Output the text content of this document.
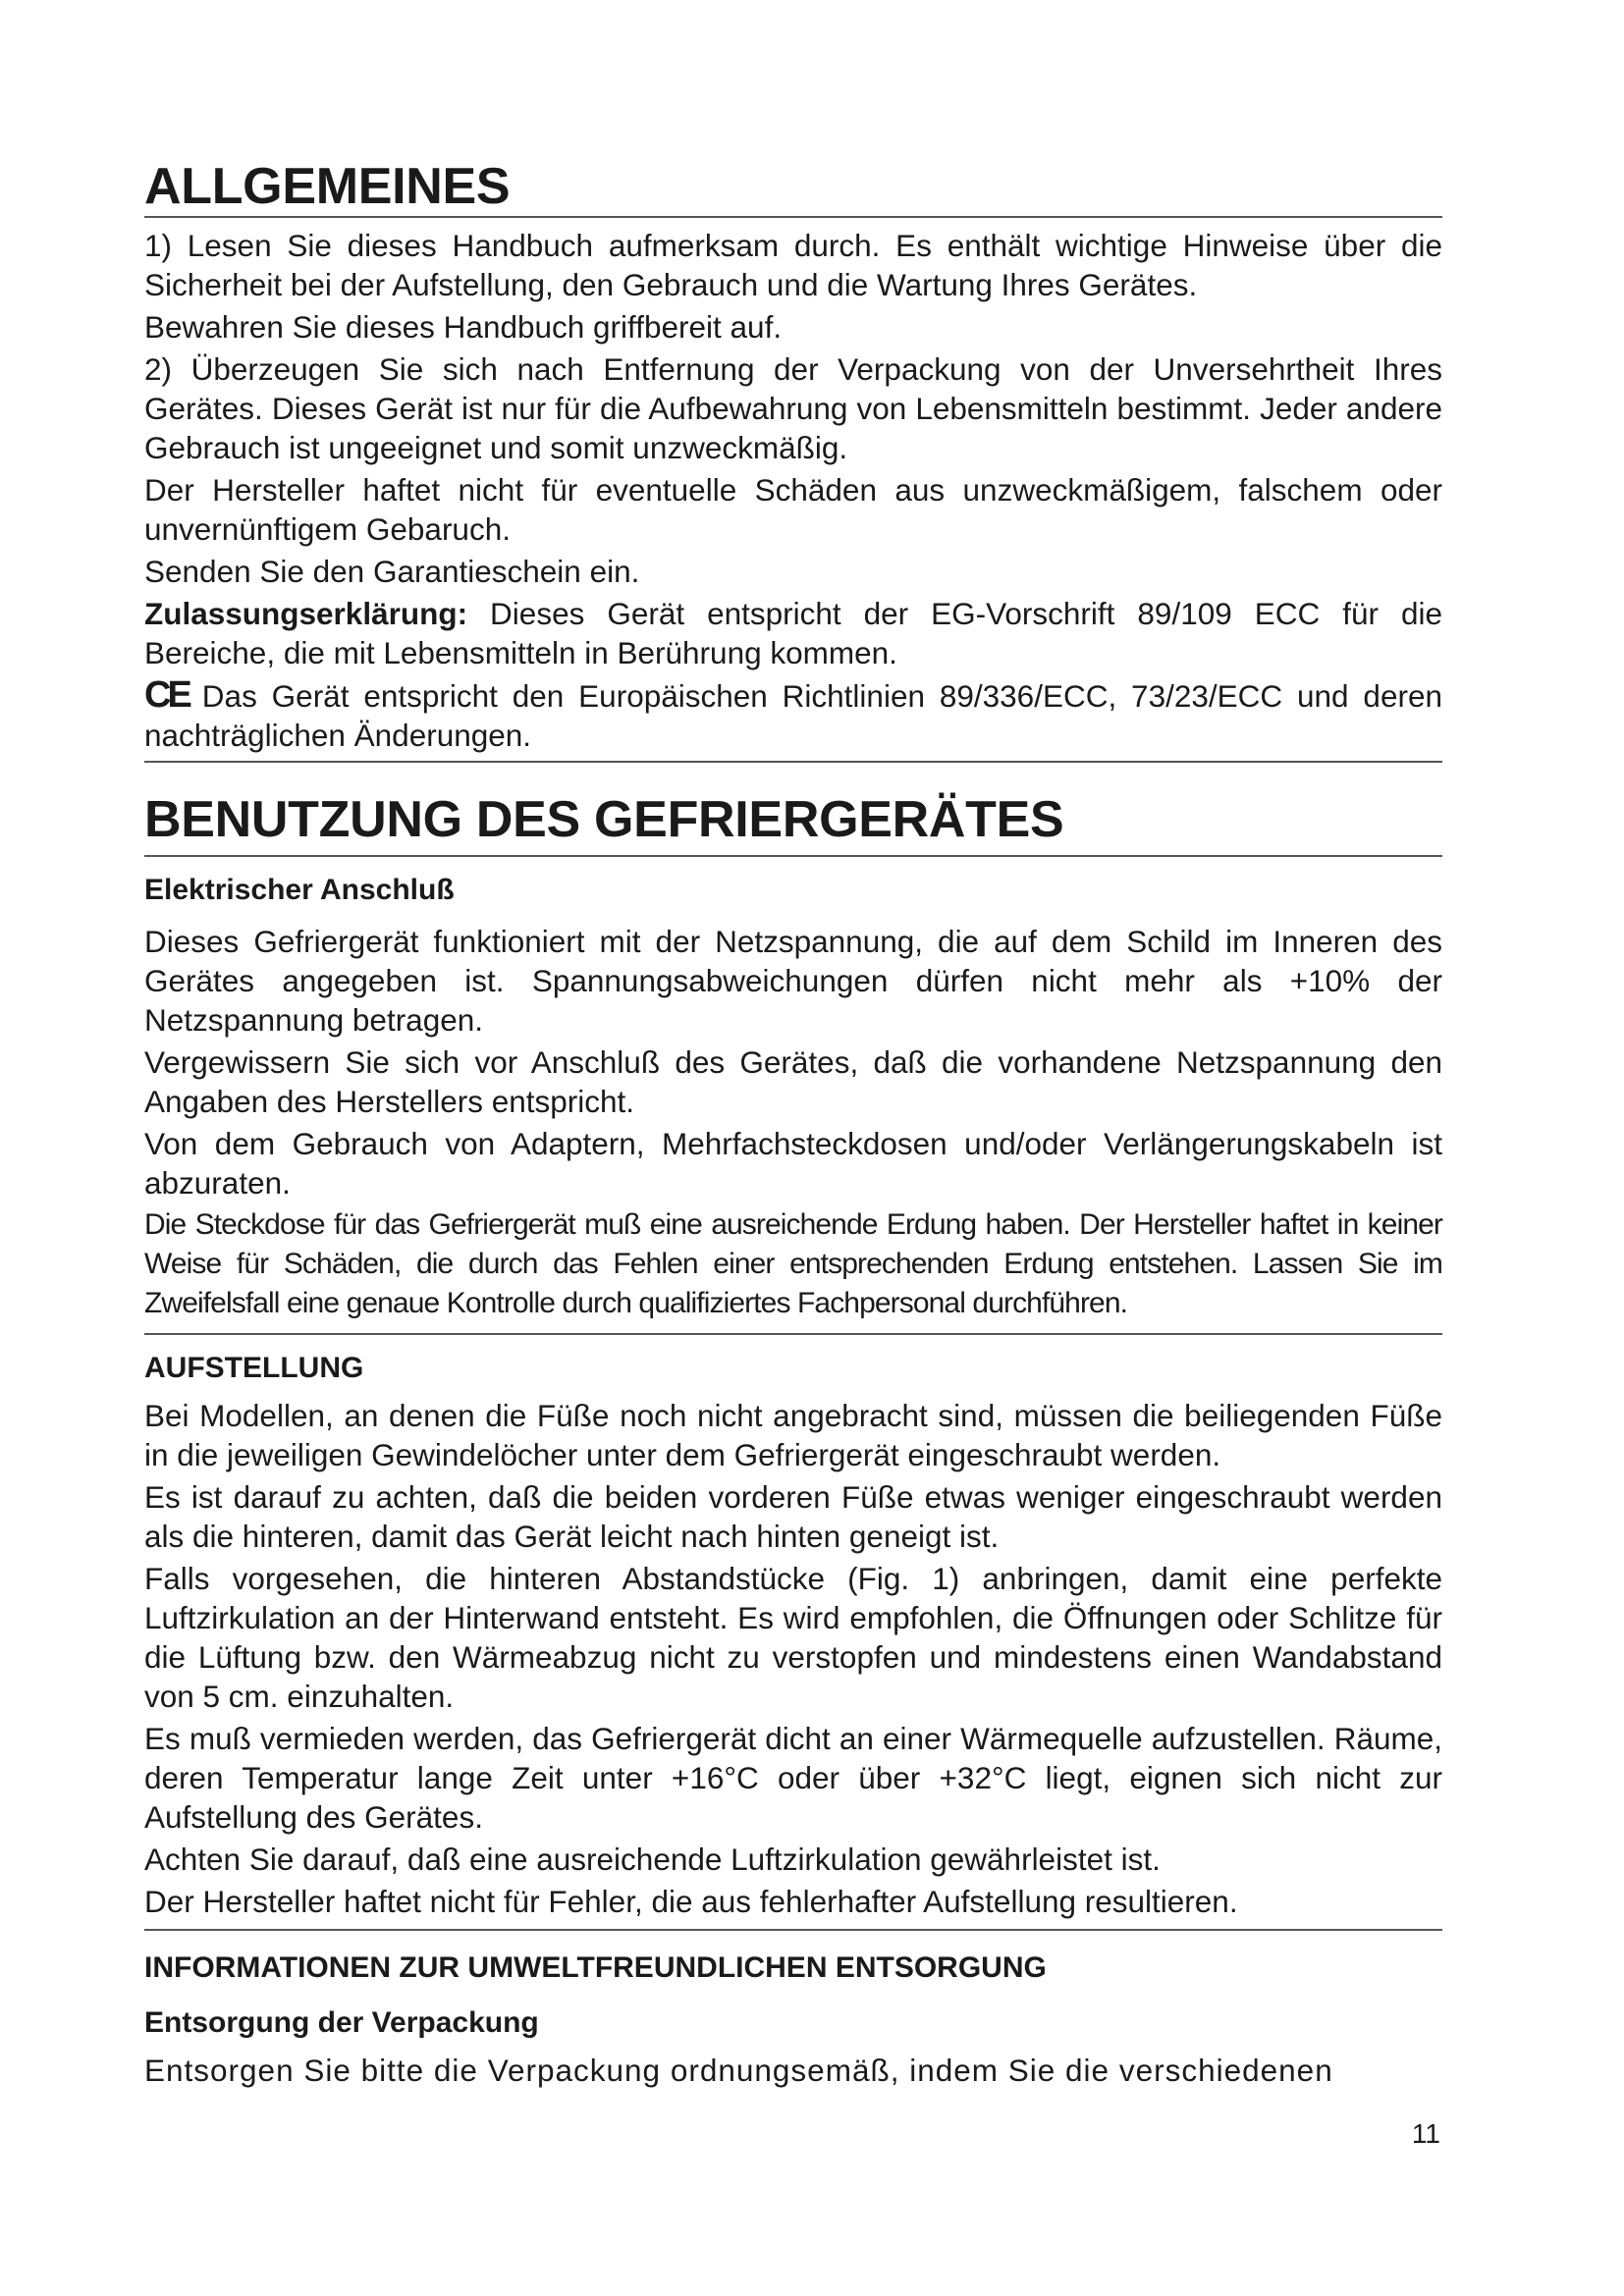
ALLGEMEINES

1) Lesen Sie dieses Handbuch aufmerksam durch. Es enthält wichtige Hinweise über die Sicherheit bei der Aufstellung, den Gebrauch und die Wartung Ihres Gerätes.

Bewahren Sie dieses Handbuch griffbereit auf.

2) Überzeugen Sie sich nach Entfernung der Verpackung von der Unversehrtheit Ihres Gerätes. Dieses Gerät ist nur für die Aufbewahrung von Lebensmitteln bestimmt. Jeder andere Gebrauch ist ungeeignet und somit unzweckmäßig.

Der Hersteller haftet nicht für eventuelle Schäden aus unzweckmäßigem, falschem oder unvernünftigem Gebaruch.

Senden Sie den Garantieschein ein.

Zulassungserklärung: Dieses Gerät entspricht der EG-Vorschrift 89/109 ECC für die Bereiche, die mit Lebensmitteln in Berührung kommen.

CE Das Gerät entspricht den Europäischen Richtlinien 89/336/ECC, 73/23/ECC und deren nachträglichen Änderungen.

BENUTZUNG DES GEFRIERGERÄTES
Elektrischer Anschluß

Dieses Gefriergerät funktioniert mit der Netzspannung, die auf dem Schild im Inneren des Gerätes angegeben ist. Spannungsabweichungen dürfen nicht mehr als +10% der Netzspannung betragen.

Vergewissern Sie sich vor Anschluß des Gerätes, daß die vorhandene Netzspannung den Angaben des Herstellers entspricht.

Von dem Gebrauch von Adaptern, Mehrfachsteckdosen und/oder Verlängerungskabeln ist abzuraten.

Die Steckdose für das Gefriergerät muß eine ausreichende Erdung haben. Der Hersteller haftet in keiner Weise für Schäden, die durch das Fehlen einer entsprechenden Erdung entstehen. Lassen Sie im Zweifelsfall eine genaue Kontrolle durch qualifiziertes Fachpersonal durchführen.

AUFSTELLUNG

Bei Modellen, an denen die Füße noch nicht angebracht sind, müssen die beiliegenden Füße in die jeweiligen Gewindelöcher unter dem Gefriergerät eingeschraubt werden.

Es ist darauf zu achten, daß die beiden vorderen Füße etwas weniger eingeschraubt werden als die hinteren, damit das Gerät leicht nach hinten geneigt ist.

Falls vorgesehen, die hinteren Abstandstücke (Fig. 1) anbringen, damit eine perfekte Luftzirkulation an der Hinterwand entsteht. Es wird empfohlen, die Öffnungen oder Schlitze für die Lüftung bzw. den Wärmeabzug nicht zu verstopfen und mindestens einen Wandabstand von 5 cm. einzuhalten.

Es muß vermieden werden, das Gefriergerät dicht an einer Wärmequelle aufzustellen. Räume, deren Temperatur lange Zeit unter +16°C oder über +32°C liegt, eignen sich nicht zur Aufstellung des Gerätes.

Achten Sie darauf, daß eine ausreichende Luftzirkulation gewährleistet ist.

Der Hersteller haftet nicht für Fehler, die aus fehlerhafter Aufstellung resultieren.

INFORMATIONEN ZUR UMWELTFREUNDLICHEN ENTSORGUNG
Entsorgung der Verpackung

Entsorgen Sie bitte die Verpackung ordnungsemäß, indem Sie die verschiedenen

11
